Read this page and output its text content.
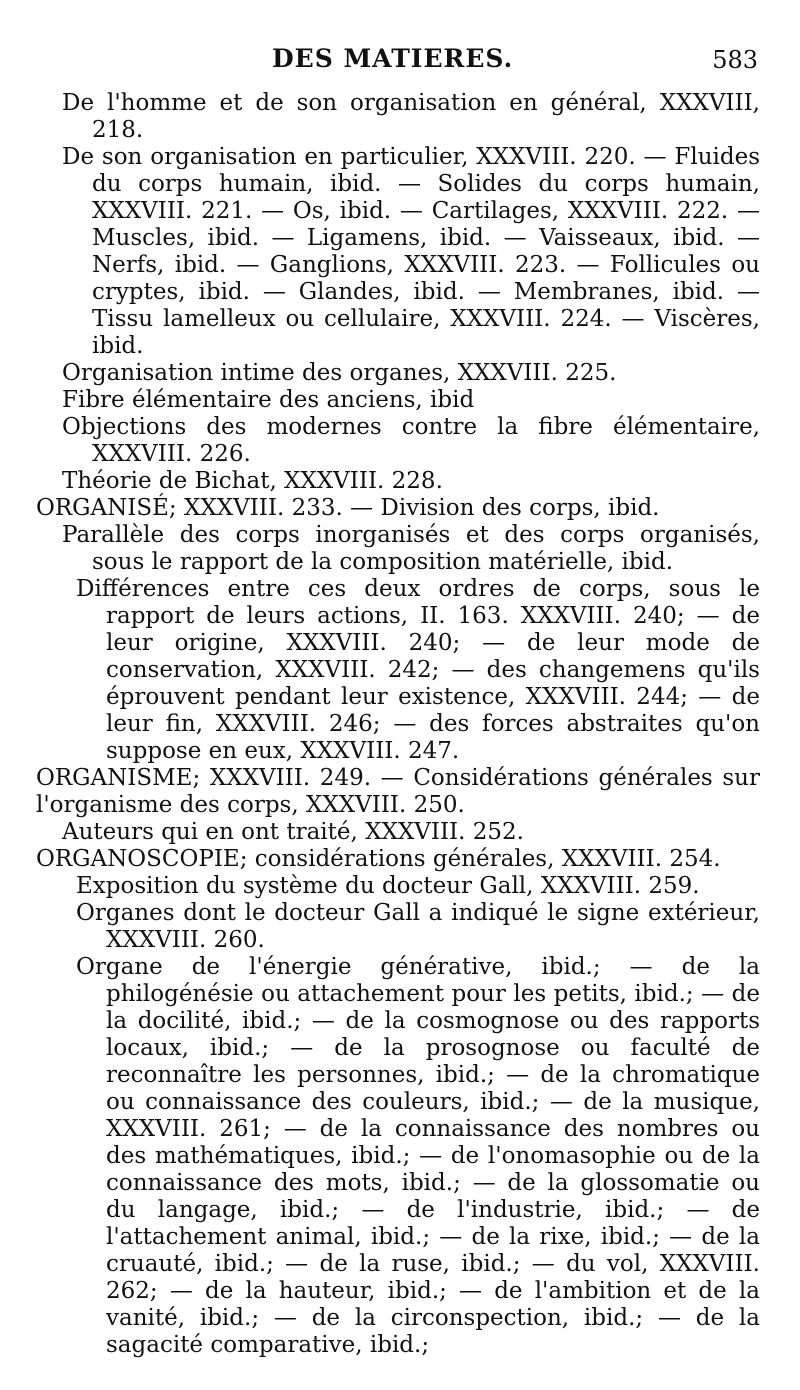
DES MATIERES.	583

De l'homme et de son organisation en général, XXXVIII, 218.

De son organisation en particulier, XXXVIII. 220. — Fluides du corps humain, ibid. — Solides du corps humain, XXXVIII. 221. — Os, ibid. — Cartilages, XXXVIII. 222. — Muscles, ibid. — Ligamens, ibid. — Vaisseaux, ibid. — Nerfs, ibid. — Ganglions, XXXVIII. 223. — Follicules ou cryptes, ibid. — Glandes, ibid. — Membranes, ibid. — Tissu lamelleux ou cellulaire, XXXVIII. 224. — Viscères, ibid.

Organisation intime des organes, XXXVIII. 225.

Fibre élémentaire des anciens, ibid

Objections des modernes contre la fibre élémentaire, XXXVIII. 226.

Théorie de Bichat, XXXVIII. 228.

ORGANISÉ; XXXVIII. 233. — Division des corps, ibid.

Parallèle des corps inorganisés et des corps organisés, sous le rapport de la composition matérielle, ibid.

Différences entre ces deux ordres de corps, sous le rapport de leurs actions, II. 163. XXXVIII. 240; — de leur origine, XXXVIII. 240; — de leur mode de conservation, XXXVIII. 242; — des changemens qu'ils éprouvent pendant leur existence, XXXVIII. 244; — de leur fin, XXXVIII. 246; — des forces abstraites qu'on suppose en eux, XXXVIII. 247.

ORGANISME; XXXVIII. 249. — Considérations générales sur l'organisme des corps, XXXVIII. 250.

Auteurs qui en ont traité, XXXVIII. 252.

ORGANOSCOPIE; considérations générales, XXXVIII. 254.

Exposition du système du docteur Gall, XXXVIII. 259.

Organes dont le docteur Gall a indiqué le signe extérieur, XXXVIII. 260.

Organe de l'énergie générative, ibid.; — de la philogénésie ou attachement pour les petits, ibid.; — de la docilité, ibid.; — de la cosmognose ou des rapports locaux, ibid.; — de la prosognose ou faculté de reconnaître les personnes, ibid.; — de la chromatique ou connaissance des couleurs, ibid.; — de la musique, XXXVIII. 261; — de la connaissance des nombres ou des mathématiques, ibid.; — de l'onomasophie ou de la connaissance des mots, ibid.; — de la glossomatie ou du langage, ibid.; — de l'industrie, ibid.; — de l'attachement animal, ibid.; — de la rixe, ibid.; — de la cruauté, ibid.; — de la ruse, ibid.; — du vol, XXXVIII. 262; — de la hauteur, ibid.; — de l'ambition et de la vanité, ibid.; — de la circonspection, ibid.; — de la sagacité comparative, ibid.;
